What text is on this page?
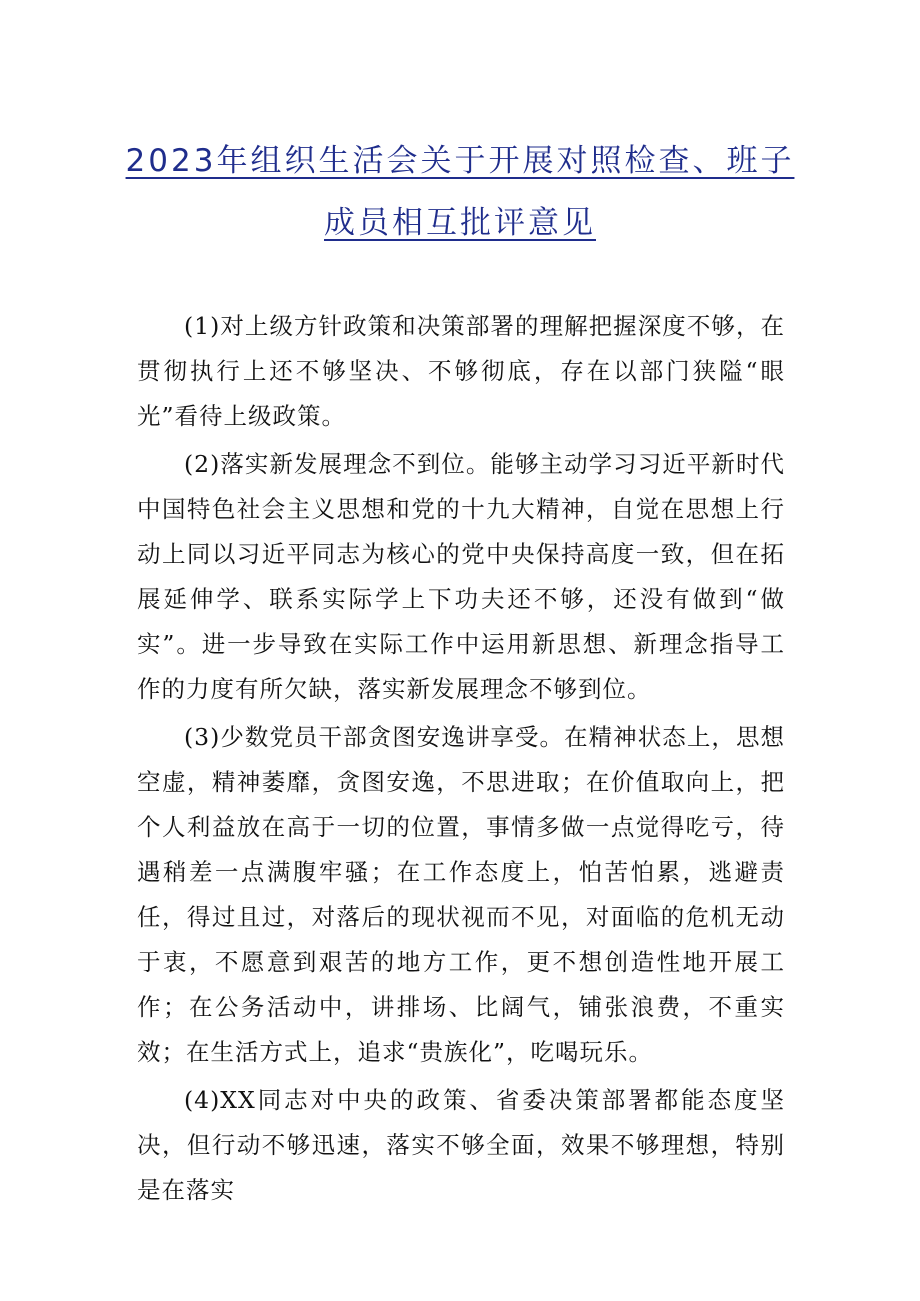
2023年组织生活会关于开展对照检查、班子成员相互批评意见

(1)对上级方针政策和决策部署的理解把握深度不够，在贯彻执行上还不够坚决、不够彻底，存在以部门狭隘“眼光”看待上级政策。

(2)落实新发展理念不到位。能够主动学习习近平新时代中国特色社会主义思想和党的十九大精神，自觉在思想上行动上同以习近平同志为核心的党中央保持高度一致，但在拓展延伸学、联系实际学上下功夫还不够，还没有做到“做实”。进一步导致在实际工作中运用新思想、新理念指导工作的力度有所欠缺，落实新发展理念不够到位。

(3)少数党员干部贪图安逸讲享受。在精神状态上，思想空虚，精神萎靡，贪图安逸，不思进取；在价值取向上，把个人利益放在高于一切的位置，事情多做一点觉得吃亏，待遇稍差一点满腹牢骚；在工作态度上，怕苦怕累，逃避责任，得过且过，对落后的现状视而不见，对面临的危机无动于衷，不愿意到艰苦的地方工作，更不想创造性地开展工作；在公务活动中，讲排场、比阔气，铺张浪费，不重实效；在生活方式上，追求“贵族化”，吃喝玩乐。

(4)XX同志对中央的政策、省委决策部署都能态度坚决，但行动不够迅速，落实不够全面，效果不够理想，特别是在落实
